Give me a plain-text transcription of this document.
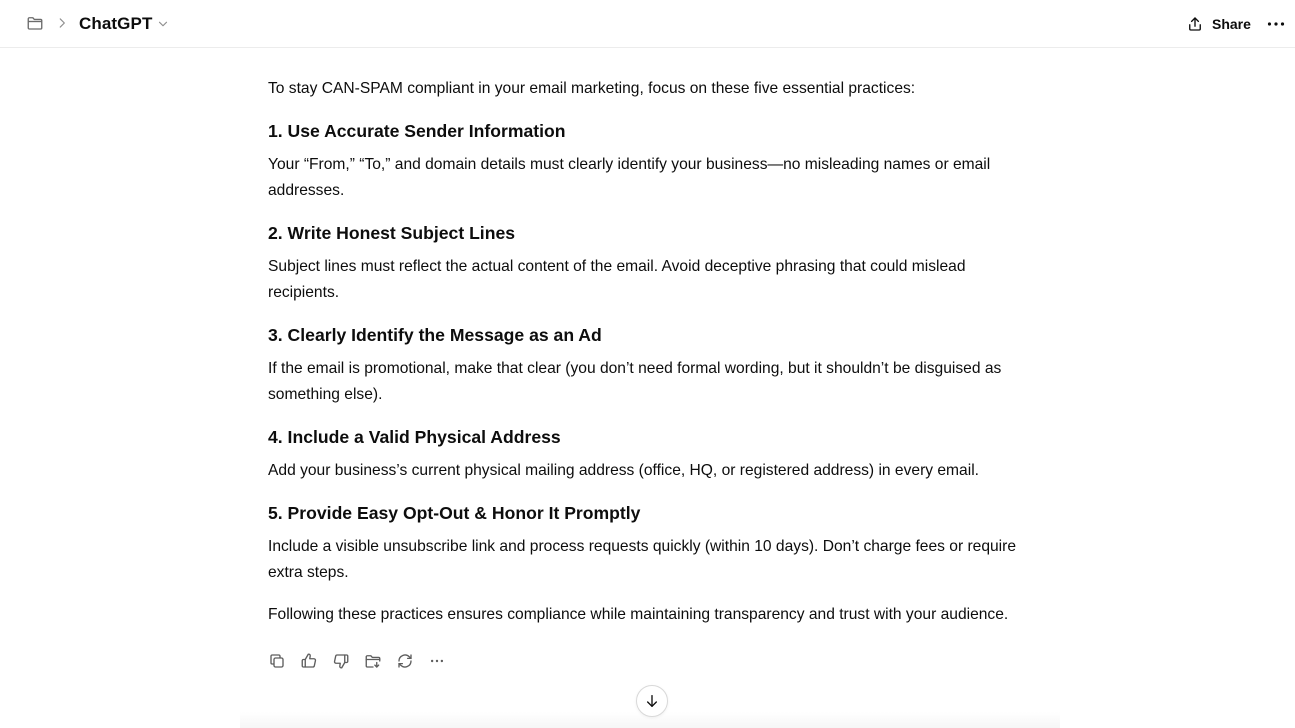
ChatGPT	Share

To stay CAN-SPAM compliant in your email marketing, focus on these five essential practices:

1. Use Accurate Sender Information

Your “From,” “To,” and domain details must clearly identify your business—no misleading names or email addresses.

2. Write Honest Subject Lines

Subject lines must reflect the actual content of the email. Avoid deceptive phrasing that could mislead recipients.

3. Clearly Identify the Message as an Ad

If the email is promotional, make that clear (you don’t need formal wording, but it shouldn’t be disguised as something else).

4. Include a Valid Physical Address

Add your business’s current physical mailing address (office, HQ, or registered address) in every email.

5. Provide Easy Opt-Out & Honor It Promptly

Include a visible unsubscribe link and process requests quickly (within 10 days). Don’t charge fees or require extra steps.

Following these practices ensures compliance while maintaining transparency and trust with your audience.
